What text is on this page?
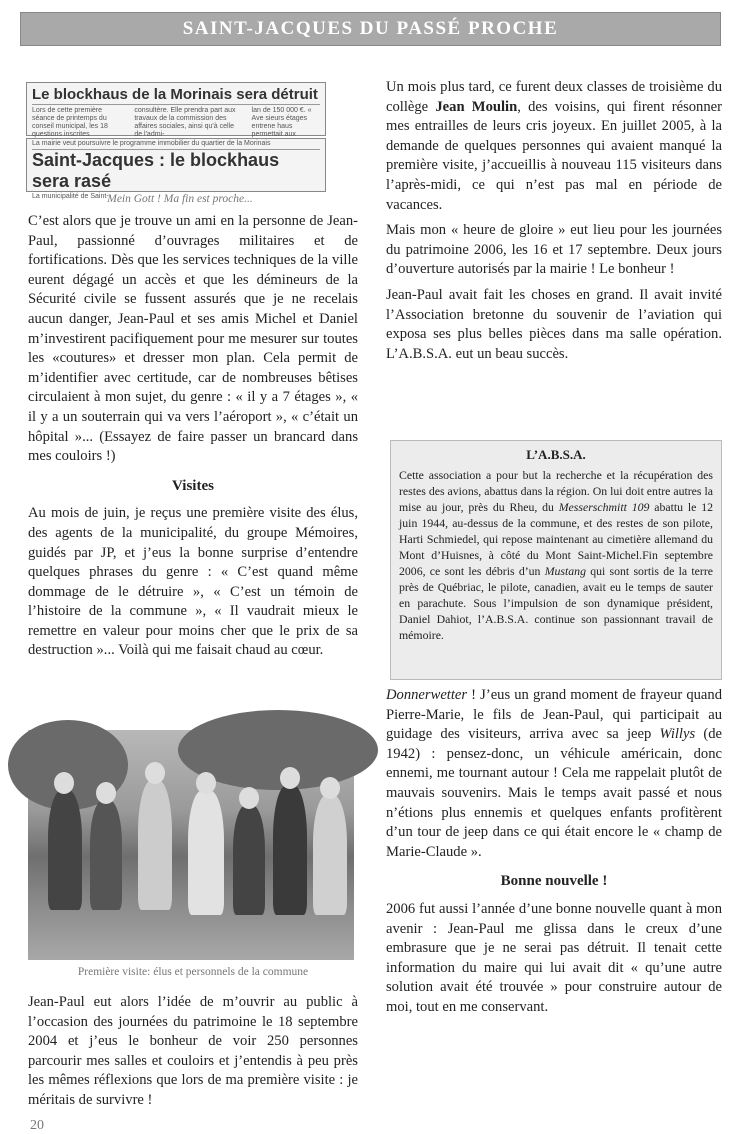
SAINT-JACQUES DU PASSÉ PROCHE
Le blockhaus de la Morinais sera détruit
Lors de cette première séance de printemps du conseil municipal, les 18 questions inscrites
consultère. Elle prendra part aux travaux de la commission des affaires sociales, ainsi qu'à celle de l'admi-
lan de 150 000 €. « Ave sieurs étages entrene haus permettait aux
La mairie veut poursuivre le programme immobilier du quartier de la Morinais
Saint-Jacques : le blockhaus sera rasé
La municipalité de Saint-
Mein Gott ! Ma fin est proche...

C’est alors que je trouve un ami en la personne de Jean-Paul, passionné d’ouvrages militaires et de fortifications. Dès que les services techniques de la ville eurent dégagé un accès et que les démineurs de la Sécurité civile se fussent assurés que je ne recelais aucun danger, Jean-Paul et ses amis Michel et Daniel m’investirent pacifiquement pour me mesurer sur toutes les «coutures» et dresser mon plan. Cela permit de m’identifier avec certitude, car de nombreuses bêtises circulaient à mon sujet, du genre : « il y a 7 étages », « il y a un souterrain qui va vers l’aéroport », « c’était un hôpital »... (Essayez de faire passer un brancard dans mes couloirs !)

Visites

Au mois de juin, je reçus une première visite des élus, des agents de la municipalité, du groupe Mémoires, guidés par JP, et j’eus la bonne surprise d’entendre quelques phrases du genre : « C’est quand même dommage de le détruire », « C’est un témoin de l’histoire de la commune », « Il vaudrait mieux le remettre en valeur pour moins cher que le prix de sa destruction »... Voilà qui me faisait chaud au cœur.

Première visite: élus et personnels de la commune

Jean-Paul eut alors l’idée de m’ouvrir au public à l’occasion des journées du patrimoine le 18 septembre 2004 et j’eus le bonheur de voir 250 personnes parcourir mes salles et couloirs et j’entendis à peu près les mêmes réflexions que lors de ma première visite : je méritais de survivre !

Un mois plus tard, ce furent deux classes de troisième du collège Jean Moulin, des voisins, qui firent résonner mes entrailles de leurs cris joyeux. En juillet 2005, à la demande de quelques personnes qui avaient manqué la première visite, j’accueillis à nouveau 115 visiteurs dans l’après-midi, ce qui n’est pas mal en période de vacances.

Mais mon « heure de gloire » eut lieu pour les journées du patrimoine 2006, les 16 et 17 septembre. Deux jours d’ouverture autorisés par la mairie ! Le bonheur !

Jean-Paul avait fait les choses en grand. Il avait invité l’Association bretonne du souvenir de l’aviation qui exposa ses plus belles pièces dans ma salle opération. L’A.B.S.A. eut un beau succès.

L’A.B.S.A.
Cette association a pour but la recherche et la récupération des restes des avions, abattus dans la région. On lui doit entre autres la mise au jour, près du Rheu, du Messerschmitt 109 abattu le 12 juin 1944, au-dessus de la commune, et des restes de son pilote, Harti Schmiedel, qui repose maintenant au cimetière allemand du Mont d’Huisnes, à côté du Mont Saint-Michel.Fin septembre 2006, ce sont les débris d’un Mustang qui sont sortis de la terre près de Québriac, le pilote, canadien, avait eu le temps de sauter en parachute. Sous l’impulsion de son dynamique président, Daniel Dahiot, l’A.B.S.A. continue son passionnant travail de mémoire.

Donnerwetter ! J’eus un grand moment de frayeur quand Pierre-Marie, le fils de Jean-Paul, qui participait au guidage des visiteurs, arriva avec sa jeep Willys (de 1942) : pensez-donc, un véhicule américain, donc ennemi, me tournant autour ! Cela me rappelait plutôt de mauvais souvenirs. Mais le temps avait passé et nous n’étions plus ennemis et quelques enfants profitèrent d’un tour de jeep dans ce qui était encore le « champ de Marie-Claude ».

Bonne nouvelle !

2006 fut aussi l’année d’une bonne nouvelle quant à mon avenir : Jean-Paul me glissa dans le creux d’une embrasure que je ne serai pas détruit. Il tenait cette information du maire qui lui avait dit « qu’une autre solution avait été trouvée » pour construire autour de moi, tout en me conservant.

20
